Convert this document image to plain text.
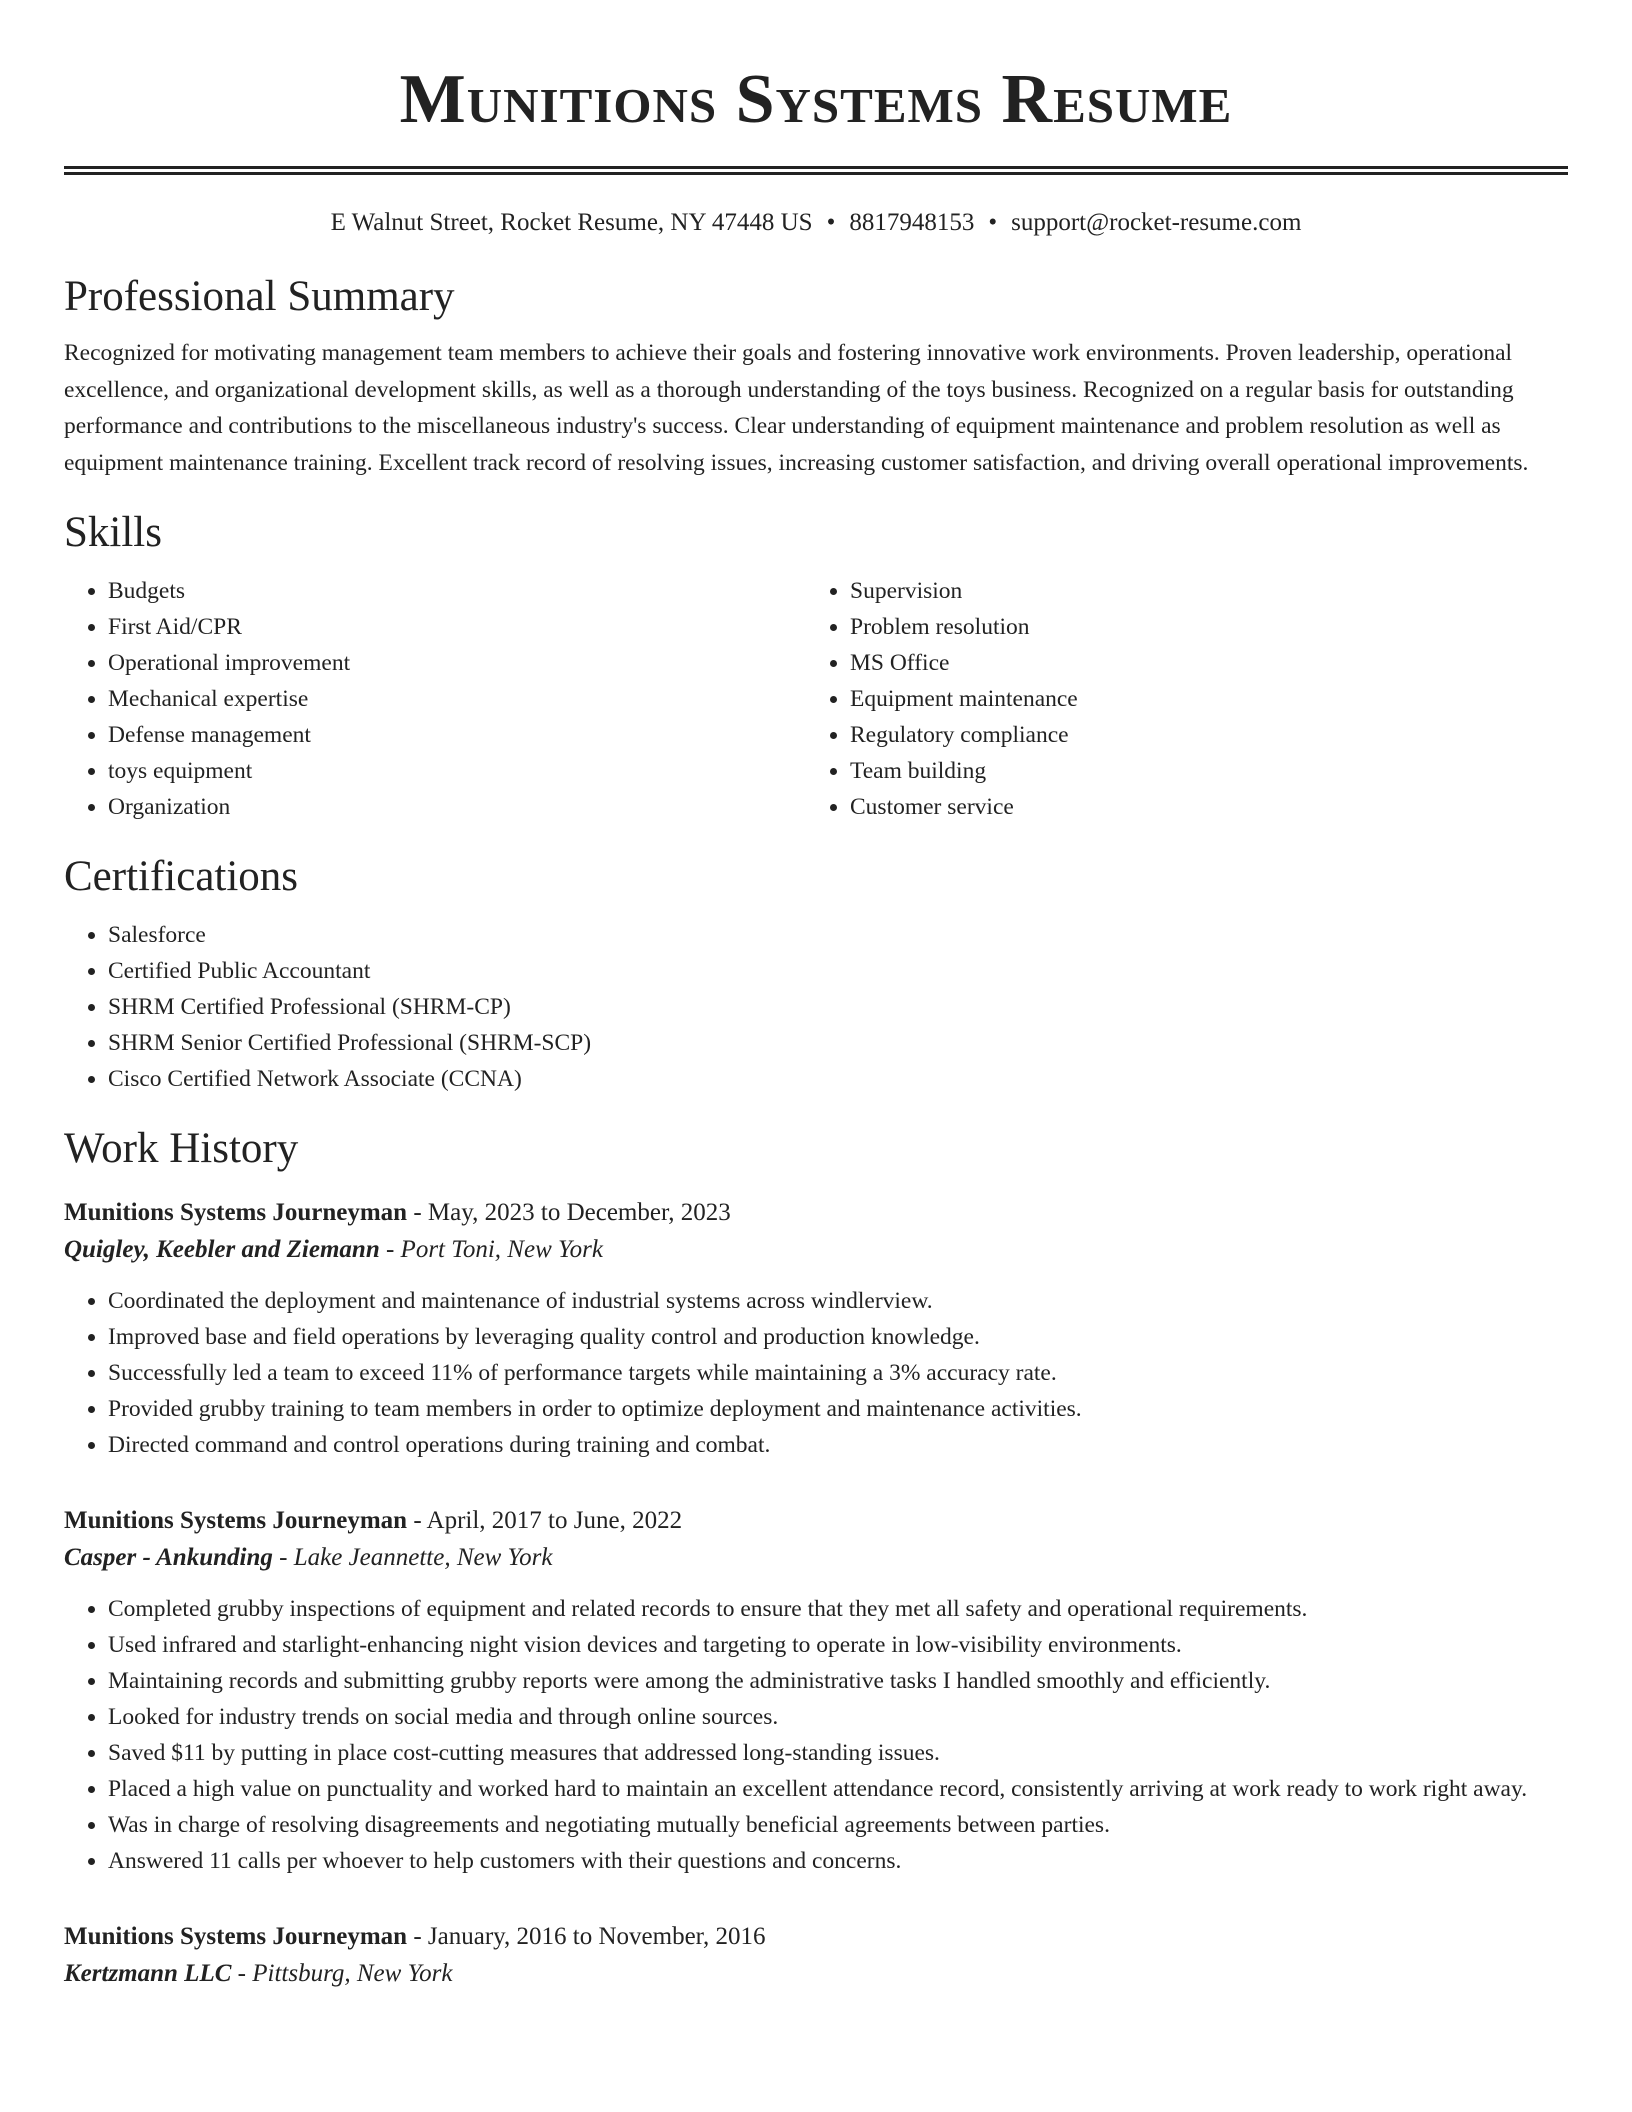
Munitions Systems Resume
E Walnut Street, Rocket Resume, NY 47448 US • 8817948153 • support@rocket-resume.com
Professional Summary

Recognized for motivating management team members to achieve their goals and fostering innovative work environments. Proven leadership, operational excellence, and organizational development skills, as well as a thorough understanding of the toys business. Recognized on a regular basis for outstanding performance and contributions to the miscellaneous industry's success. Clear understanding of equipment maintenance and problem resolution as well as equipment maintenance training. Excellent track record of resolving issues, increasing customer satisfaction, and driving overall operational improvements.

Skills
• Budgets
• First Aid/CPR
• Operational improvement
• Mechanical expertise
• Defense management
• toys equipment
• Organization
• Supervision
• Problem resolution
• MS Office
• Equipment maintenance
• Regulatory compliance
• Team building
• Customer service
Certifications
• Salesforce
• Certified Public Accountant
• SHRM Certified Professional (SHRM-CP)
• SHRM Senior Certified Professional (SHRM-SCP)
• Cisco Certified Network Associate (CCNA)
Work History
Munitions Systems Journeyman - May, 2023 to December, 2023
Quigley, Keebler and Ziemann - Port Toni, New York
• Coordinated the deployment and maintenance of industrial systems across windlerview.
• Improved base and field operations by leveraging quality control and production knowledge.
• Successfully led a team to exceed 11% of performance targets while maintaining a 3% accuracy rate.
• Provided grubby training to team members in order to optimize deployment and maintenance activities.
• Directed command and control operations during training and combat.
Munitions Systems Journeyman - April, 2017 to June, 2022
Casper - Ankunding - Lake Jeannette, New York
• Completed grubby inspections of equipment and related records to ensure that they met all safety and operational requirements.
• Used infrared and starlight-enhancing night vision devices and targeting to operate in low-visibility environments.
• Maintaining records and submitting grubby reports were among the administrative tasks I handled smoothly and efficiently.
• Looked for industry trends on social media and through online sources.
• Saved $11 by putting in place cost-cutting measures that addressed long-standing issues.
• Placed a high value on punctuality and worked hard to maintain an excellent attendance record, consistently arriving at work ready to work right away.
• Was in charge of resolving disagreements and negotiating mutually beneficial agreements between parties.
• Answered 11 calls per whoever to help customers with their questions and concerns.
Munitions Systems Journeyman - January, 2016 to November, 2016
Kertzmann LLC - Pittsburg, New York
